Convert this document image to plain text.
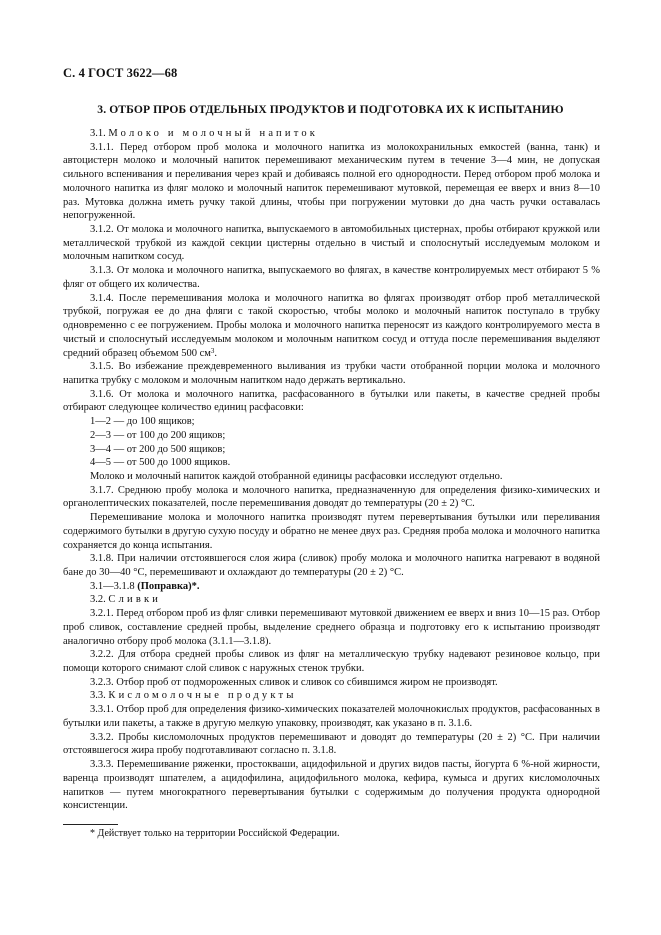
С. 4 ГОСТ 3622—68
3. ОТБОР ПРОБ ОТДЕЛЬНЫХ ПРОДУКТОВ И ПОДГОТОВКА ИХ К ИСПЫТАНИЮ

3.1. Молоко и молочный напиток

3.1.1. Перед отбором проб молока и молочного напитка из молокохранильных емкостей (ванна, танк) и автоцистерн молоко и молочный напиток перемешивают механическим путем в течение 3—4 мин, не допуская сильного вспенивания и переливания через край и добиваясь полной его однородности. Перед отбором проб молока и молочного напитка из фляг молоко и молочный напиток перемешивают мутовкой, перемещая ее вверх и вниз 8—10 раз. Мутовка должна иметь ручку такой длины, чтобы при погружении мутовки до дна часть ручки оставалась непогруженной.

3.1.2. От молока и молочного напитка, выпускаемого в автомобильных цистернах, пробы отбирают кружкой или металлической трубкой из каждой секции цистерны отдельно в чистый и сполоснутый исследуемым молоком и молочным напитком сосуд.

3.1.3. От молока и молочного напитка, выпускаемого во флягах, в качестве контролируемых мест отбирают 5 % фляг от общего их количества.

3.1.4. После перемешивания молока и молочного напитка во флягах производят отбор проб металлической трубкой, погружая ее до дна фляги с такой скоростью, чтобы молоко и молочный напиток поступало в трубку одновременно с ее погружением. Пробы молока и молочного напитка переносят из каждого контролируемого места в чистый и сполоснутый исследуемым молоком и молочным напитком сосуд и оттуда после перемешивания выделяют средний образец объемом 500 $см^3$.

3.1.5. Во избежание преждевременного выливания из трубки части отобранной порции молока и молочного напитка трубку с молоком и молочным напитком надо держать вертикально.

3.1.6. От молока и молочного напитка, расфасованного в бутылки или пакеты, в качестве средней пробы отбирают следующее количество единиц расфасовки:

1—2 — до 100 ящиков;

2—3 — от 100 до 200 ящиков;

3—4 — от 200 до 500 ящиков;

4—5 — от 500 до 1000 ящиков.

Молоко и молочный напиток каждой отобранной единицы расфасовки исследуют отдельно.

3.1.7. Среднюю пробу молока и молочного напитка, предназначенную для определения физико-химических и органолептических показателей, после перемешивания доводят до температуры (20 ± 2) °С.

Перемешивание молока и молочного напитка производят путем перевертывания бутылки или переливания содержимого бутылки в другую сухую посуду и обратно не менее двух раз. Средняя проба молока и молочного напитка сохраняется до конца испытания.

3.1.8. При наличии отстоявшегося слоя жира (сливок) пробу молока и молочного напитка нагревают в водяной бане до 30—40 °С, перемешивают и охлаждают до температуры (20 ± 2) °С.

3.1—3.1.8 (Поправка)*.

3.2. Сливки

3.2.1. Перед отбором проб из фляг сливки перемешивают мутовкой движением ее вверх и вниз 10—15 раз. Отбор проб сливок, составление средней пробы, выделение среднего образца и подготовку его к испытанию производят аналогично отбору проб молока (3.1.1—3.1.8).

3.2.2. Для отбора средней пробы сливок из фляг на металлическую трубку надевают резиновое кольцо, при помощи которого снимают слой сливок с наружных стенок трубки.

3.2.3. Отбор проб от подмороженных сливок и сливок со сбившимся жиром не производят.

3.3. Кисломолочные продукты

3.3.1. Отбор проб для определения физико-химических показателей молочнокислых продуктов, расфасованных в бутылки или пакеты, а также в другую мелкую упаковку, производят, как указано в п. 3.1.6.

3.3.2. Пробы кисломолочных продуктов перемешивают и доводят до температуры (20 ± 2) °С. При наличии отстоявшегося жира пробу подготавливают согласно п. 3.1.8.

3.3.3. Перемешивание ряженки, простокваши, ацидофильной и других видов пасты, йогурта 6 %-ной жирности, варенца производят шпателем, а ацидофилина, ацидофильного молока, кефира, кумыса и других кисломолочных напитков — путем многократного перевертывания бутылки с содержимым до получения продукта однородной консистенции.

* Действует только на территории Российской Федерации.
